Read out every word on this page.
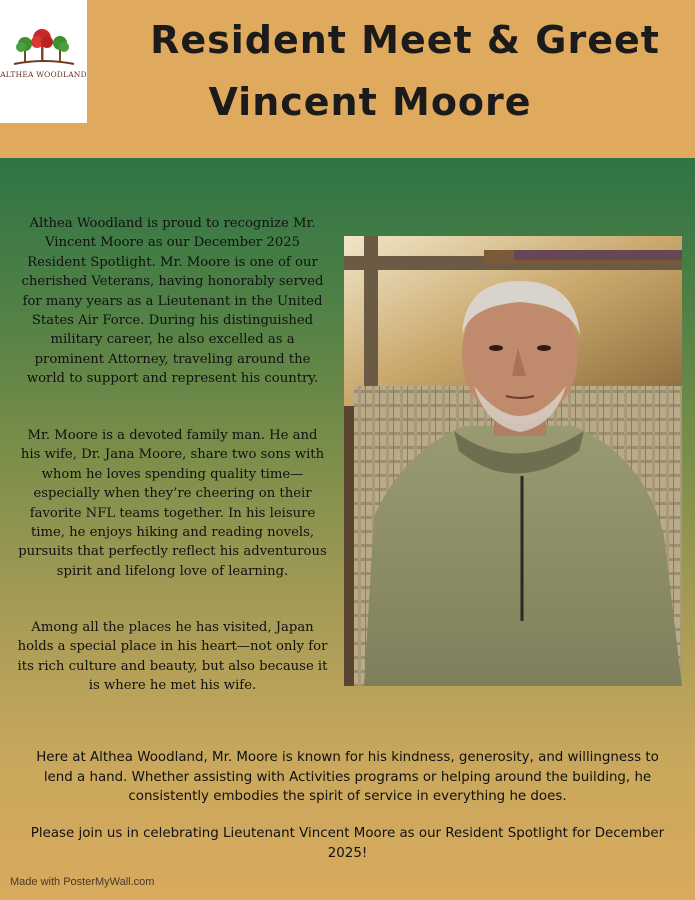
ALTHEA WOODLAND
Resident Meet & Greet
Vincent Moore
Althea Woodland is proud to recognize Mr. Vincent Moore as our December 2025 Resident Spotlight. Mr. Moore is one of our cherished Veterans, having honorably served for many years as a Lieutenant in the United States Air Force. During his distinguished military career, he also excelled as a prominent Attorney, traveling around the world to support and represent his country.
Mr. Moore is a devoted family man. He and his wife, Dr. Jana Moore, share two sons with whom he loves spending quality time—especially when they’re cheering on their favorite NFL teams together. In his leisure time, he enjoys hiking and reading novels, pursuits that perfectly reflect his adventurous spirit and lifelong love of learning.
Among all the places he has visited, Japan holds a special place in his heart—not only for its rich culture and beauty, but also because it is where he met his wife.
Here at Althea Woodland, Mr. Moore is known for his kindness, generosity, and willingness to lend a hand. Whether assisting with Activities programs or helping around the building, he consistently embodies the spirit of service in everything he does.
Please join us in celebrating Lieutenant Vincent Moore as our Resident Spotlight for December 2025!
Made with PosterMyWall.com
